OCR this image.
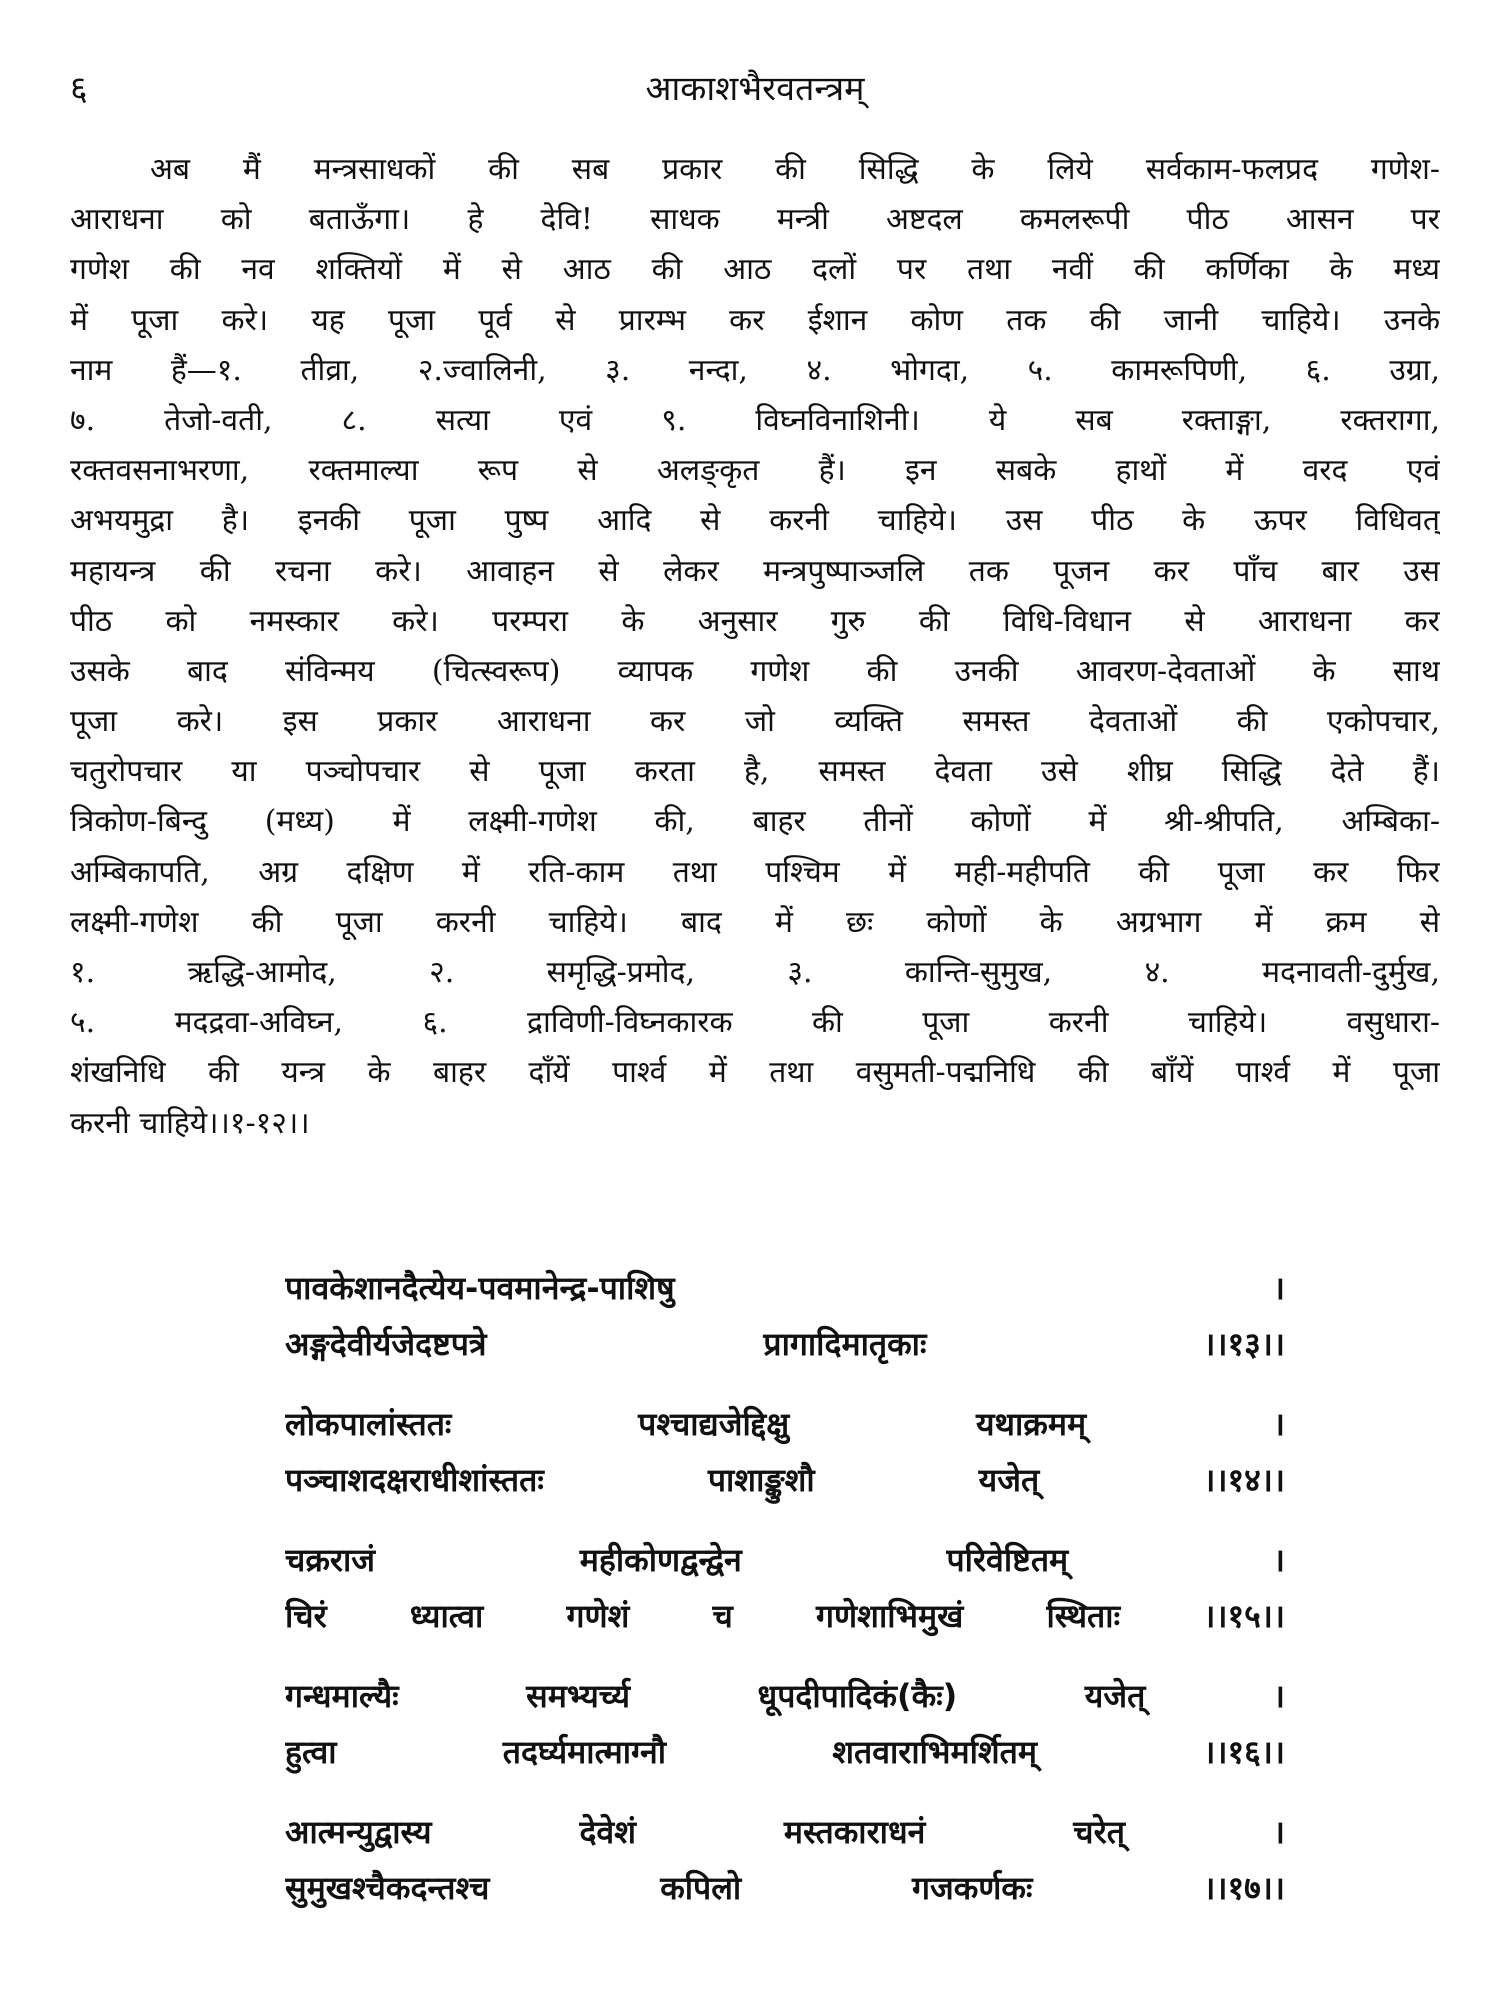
६	आकाशभैरवतन्त्रम्
अब मैं मन्त्रसाधकों की सब प्रकार की सिद्धि के लिये सर्वकाम-फलप्रद गणेश-
आराधना को बताऊँगा। हे देवि! साधक मन्त्री अष्टदल कमलरूपी पीठ आसन पर
गणेश की नव शक्तियों में से आठ की आठ दलों पर तथा नवीं की कर्णिका के मध्य
में पूजा करे। यह पूजा पूर्व से प्रारम्भ कर ईशान कोण तक की जानी चाहिये। उनके
नाम हैं—१. तीव्रा, २.ज्वालिनी, ३. नन्दा, ४. भोगदा, ५. कामरूपिणी, ६. उग्रा,
७. तेजो-वती, ८. सत्या एवं ९. विघ्नविनाशिनी। ये सब रक्ताङ्गा, रक्तरागा,
रक्तवसनाभरणा, रक्तमाल्या रूप से अलङ्कृत हैं। इन सबके हाथों में वरद एवं
अभयमुद्रा है। इनकी पूजा पुष्प आदि से करनी चाहिये। उस पीठ के ऊपर विधिवत्
महायन्त्र की रचना करे। आवाहन से लेकर मन्त्रपुष्पाञ्जलि तक पूजन कर पाँच बार उस
पीठ को नमस्कार करे। परम्परा के अनुसार गुरु की विधि-विधान से आराधना कर
उसके बाद संविन्मय (चित्स्वरूप) व्यापक गणेश की उनकी आवरण-देवताओं के साथ
पूजा करे। इस प्रकार आराधना कर जो व्यक्ति समस्त देवताओं की एकोपचार,
चतुरोपचार या पञ्चोपचार से पूजा करता है, समस्त देवता उसे शीघ्र सिद्धि देते हैं।
त्रिकोण-बिन्दु (मध्य) में लक्ष्मी-गणेश की, बाहर तीनों कोणों में श्री-श्रीपति, अम्बिका-
अम्बिकापति, अग्र दक्षिण में रति-काम तथा पश्चिम में मही-महीपति की पूजा कर फिर
लक्ष्मी-गणेश की पूजा करनी चाहिये। बाद में छः कोणों के अग्रभाग में क्रम से
१. ऋद्धि-आमोद, २. समृद्धि-प्रमोद, ३. कान्ति-सुमुख, ४. मदनावती-दुर्मुख,
५. मदद्रवा-अविघ्न, ६. द्राविणी-विघ्नकारक की पूजा करनी चाहिये। वसुधारा-
शंखनिधि की यन्त्र के बाहर दाँयें पार्श्व में तथा वसुमती-पद्मनिधि की बाँयें पार्श्व में पूजा
करनी चाहिये।।१-१२।।
पावकेशानदैत्येय-पवमानेन्द्र-पाशिषु ।
अङ्गदेवीर्यजेदष्टपत्रे प्रागादिमातृकाः ।।१३।।
लोकपालांस्ततः पश्चाद्यजेद्दिक्षु यथाक्रमम् ।
पञ्चाशदक्षराधीशांस्ततः पाशाङ्कुशौ यजेत् ।।१४।।
चक्रराजं महीकोणद्वन्द्वेन परिवेष्टितम् ।
चिरं ध्यात्वा गणेशं च गणेशाभिमुखं स्थिताः ।।१५।।
गन्धमाल्यैः समभ्यर्च्य धूपदीपादिकं(कैः) यजेत् ।
हुत्वा तदर्घ्यमात्माग्नौ शतवाराभिमर्शितम् ।।१६।।
आत्मन्युद्वास्य देवेशं मस्तकाराधनं चरेत् ।
सुमुखश्चैकदन्तश्च कपिलो गजकर्णकः ।।१७।।
